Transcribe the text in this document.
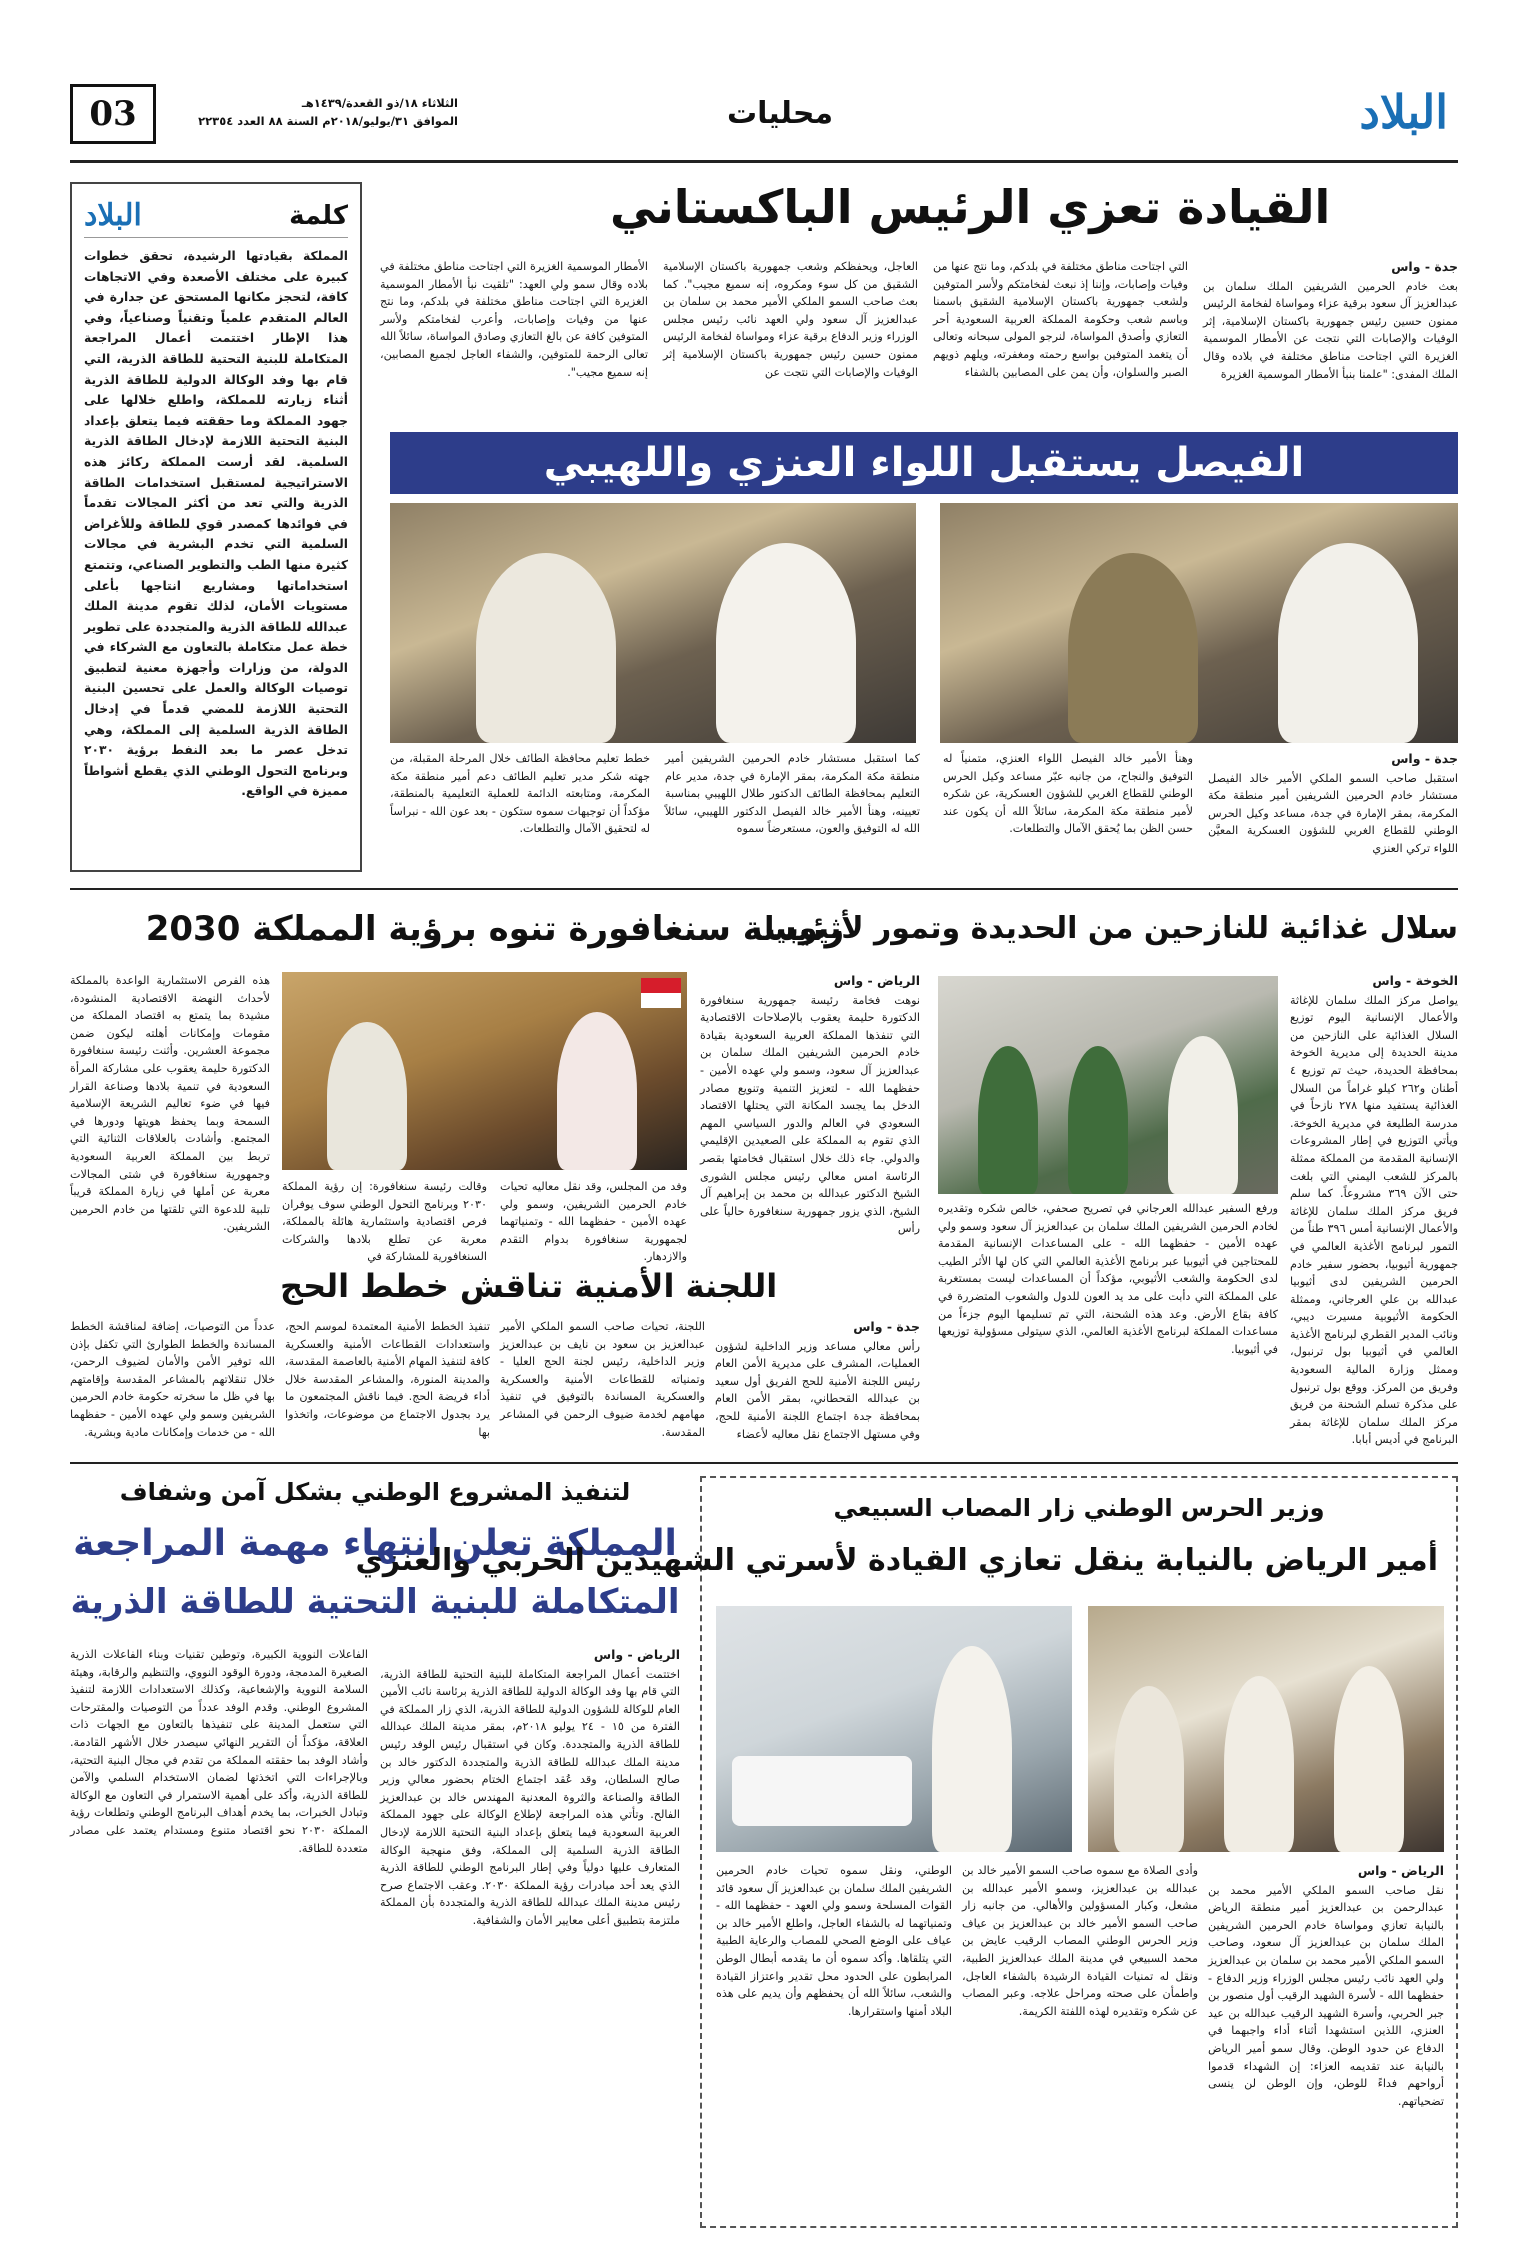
البلاد
محليات
الثلاثاء ١٨/ذو القعدة/١٤٣٩هـ
الموافق ٣١/يوليو/٢٠١٨م السنة ٨٨ العدد ٢٢٣٥٤
03
كلمة
البلاد
المملكة بقيادتها الرشيدة، تحقق خطوات كبيرة على مختلف الأصعدة وفي الاتجاهات كافة، لتحجز مكانها المستحق عن جدارة في العالم المتقدم علمياً وتقنياً وصناعياً، وفي هذا الإطار اختتمت أعمال المراجعة المتكاملة للبنية التحتية للطاقة الذرية، التي قام بها وفد الوكالة الدولية للطاقة الذرية أثناء زيارته للمملكة، واطلع خلالها على جهود المملكة وما حققته فيما يتعلق بإعداد البنية التحتية اللازمة لإدخال الطاقة الذرية السلمية. لقد أرست المملكة ركائز هذه الاستراتيجية لمستقبل استخدامات الطاقة الذرية والتي تعد من أكثر المجالات تقدماً في فوائدها كمصدر قوي للطاقة وللأغراض السلمية التي تخدم البشرية في مجالات كثيرة منها الطب والتطوير الصناعي، وتتمتع استخداماتها ومشاريع انتاجها بأعلى مستويات الأمان، لذلك تقوم مدينة الملك عبدالله للطاقة الذرية والمتجددة على تطوير خطة عمل متكاملة بالتعاون مع الشركاء في الدولة، من وزارات وأجهزة معنية لتطبيق توصيات الوكالة والعمل على تحسين البنية التحتية اللازمة للمضي قدماً في إدخال الطاقة الذرية السلمية إلى المملكة، وهي تدخل عصر ما بعد النفط برؤية ٢٠٣٠ وبرنامج التحول الوطني الذي يقطع أشواطاً مميزة في الواقع.
القيادة تعزي الرئيس الباكستاني
جدة - واس
بعث خادم الحرمين الشريفين الملك سلمان بن عبدالعزيز آل سعود برقية عزاء ومواساة لفخامة الرئيس ممنون حسين رئيس جمهورية باكستان الإسلامية، إثر الوفيات والإصابات التي نتجت عن الأمطار الموسمية الغزيرة التي اجتاحت مناطق مختلفة في بلاده وقال الملك المفدى: "علمنا بنبأ الأمطار الموسمية الغزيرة
التي اجتاحت مناطق مختلفة في بلدكم، وما نتج عنها من وفيات وإصابات، وإننا إذ نبعث لفخامتكم ولأسر المتوفين ولشعب جمهورية باكستان الإسلامية الشقيق باسمنا وباسم شعب وحكومة المملكة العربية السعودية أحر التعازي وأصدق المواساة، لنرجو المولى سبحانه وتعالى أن يتغمد المتوفين بواسع رحمته ومغفرته، ويلهم ذويهم الصبر والسلوان، وأن يمن على المصابين بالشفاء
العاجل، ويحفظكم وشعب جمهورية باكستان الإسلامية الشقيق من كل سوء ومكروه، إنه سميع مجيب". كما بعث صاحب السمو الملكي الأمير محمد بن سلمان بن عبدالعزيز آل سعود ولي العهد نائب رئيس مجلس الوزراء وزير الدفاع برقية عزاء ومواساة لفخامة الرئيس ممنون حسين رئيس جمهورية باكستان الإسلامية إثر الوفيات والإصابات التي نتجت عن
الأمطار الموسمية الغزيرة التي اجتاحت مناطق مختلفة في بلاده وقال سمو ولي العهد: "تلقيت نبأ الأمطار الموسمية الغزيرة التي اجتاحت مناطق مختلفة في بلدكم، وما نتج عنها من وفيات وإصابات، وأعرب لفخامتكم ولأسر المتوفين كافة عن بالغ التعازي وصادق المواساة، سائلاً الله تعالى الرحمة للمتوفين، والشفاء العاجل لجميع المصابين، إنه سميع مجيب".
الفيصل يستقبل اللواء العنزي واللهيبي
جدة - واس
استقبل صاحب السمو الملكي الأمير خالد الفيصل مستشار خادم الحرمين الشريفين أمير منطقة مكة المكرمة، بمقر الإمارة في جدة، مساعد وكيل الحرس الوطني للقطاع الغربي للشؤون العسكرية المعيَّن اللواء تركي العنزي
وهنأ الأمير خالد الفيصل اللواء العنزي، متمنياً له التوفيق والنجاح، من جانبه عبّر مساعد وكيل الحرس الوطني للقطاع الغربي للشؤون العسكرية، عن شكره لأمير منطقة مكة المكرمة، سائلاً الله أن يكون عند حسن الظن بما يُحقق الآمال والتطلعات.
كما استقبل مستشار خادم الحرمين الشريفين أمير منطقة مكة المكرمة، بمقر الإمارة في جدة، مدير عام التعليم بمحافظة الطائف الدكتور طلال اللهيبي بمناسبة تعيينه، وهنأ الأمير خالد الفيصل الدكتور اللهيبي، سائلاً الله له التوفيق والعون، مستعرضاً سموه
خطط تعليم محافظة الطائف خلال المرحلة المقبلة، من جهته شكر مدير تعليم الطائف دعم أمير منطقة مكة المكرمة، ومتابعته الدائمة للعملية التعليمية بالمنطقة، مؤكداً أن توجيهات سموه ستكون - بعد عون الله - نبراساً له لتحقيق الآمال والتطلعات.
سلال غذائية للنازحين من الحديدة وتمور لأثيوبيا
الخوخة - واس
يواصل مركز الملك سلمان للإغاثة والأعمال الإنسانية اليوم توزيع السلال الغذائية على النازحين من مدينة الحديدة إلى مديرية الخوخة بمحافظة الحديدة، حيث تم توزيع ٤ أطنان و٢٦٢ كيلو غراماً من السلال الغذائية يستفيد منها ٢٧٨ نازحاً في مدرسة الطليعة في مديرية الخوخة. ويأتي التوزيع في إطار المشروعات الإنسانية المقدمة من المملكة ممثلة بالمركز للشعب اليمني التي بلغت حتى الآن ٣٦٩ مشروعاً. كما سلم فريق مركز الملك سلمان للإغاثة والأعمال الإنسانية أمس ٣٩٦ طناً من التمور لبرنامج الأغذية العالمي في جمهورية أثيوبيا، بحضور سفير خادم الحرمين الشريفين لدى أثيوبيا عبدالله بن علي العرجاني، وممثلة الحكومة الأثيوبية مسيرت ديبي، ونائب المدير القطري لبرنامج الأغذية العالمي في أثيوبيا بول ترنبول، وممثل وزارة المالية السعودية وفريق من المركز. ووقع بول ترنبول على مذكرة تسلم الشحنة من فريق مركز الملك سلمان للإغاثة بمقر البرنامج في أديس أبابا.
ورفع السفير عبدالله العرجاني في تصريح صحفي، خالص شكره وتقديره لخادم الحرمين الشريفين الملك سلمان بن عبدالعزيز آل سعود وسمو ولي عهده الأمين - حفظهما الله - على المساعدات الإنسانية المقدمة للمحتاجين في أثيوبيا عبر برنامج الأغذية العالمي التي كان لها الأثر الطيب لدى الحكومة والشعب الأثيوبي، مؤكداً أن المساعدات ليست بمستغربة على المملكة التي دأبت على مد يد العون للدول والشعوب المتضررة في كافة بقاع الأرض. وعد هذه الشحنة، التي تم تسليمها اليوم جزءاً من مساعدات المملكة لبرنامج الأغذية العالمي، الذي سيتولى مسؤولية توزيعها في أثيوبيا.
رئيسة سنغافورة تنوه برؤية المملكة 2030
الرياض - واس
نوهت فخامة رئيسة جمهورية سنغافورة الدكتورة حليمة يعقوب بالإصلاحات الاقتصادية التي تنفذها المملكة العربية السعودية بقيادة خادم الحرمين الشريفين الملك سلمان بن عبدالعزيز آل سعود، وسمو ولي عهده الأمين - حفظهما الله - لتعزيز التنمية وتنويع مصادر الدخل بما يجسد المكانة التي يحتلها الاقتصاد السعودي في العالم والدور السياسي المهم الذي تقوم به المملكة على الصعيدين الإقليمي والدولي. جاء ذلك خلال استقبال فخامتها بقصر الرئاسة امس معالي رئيس مجلس الشورى الشيخ الدكتور عبدالله بن محمد بن إبراهيم آل الشيخ، الذي يزور جمهورية سنغافورة حالياً على رأس
وفد من المجلس، وقد نقل معاليه تحيات خادم الحرمين الشريفين، وسمو ولي عهده الأمين - حفظهما الله - وتمنياتهما لجمهورية سنغافورة بدوام التقدم والازدهار.
وقالت رئيسة سنغافورة: إن رؤية المملكة ٢٠٣٠ وبرنامج التحول الوطني سوف يوفران فرص اقتصادية واستثمارية هائلة بالمملكة، معربة عن تطلع بلادها والشركات السنغافورية للمشاركة في
هذه الفرص الاستثمارية الواعدة بالمملكة لأحداث النهضة الاقتصادية المنشودة، مشيدة بما يتمتع به اقتصاد المملكة من مقومات وإمكانات أهلته ليكون ضمن مجموعة العشرين. وأثنت رئيسة سنغافورة الدكتورة حليمة يعقوب على مشاركة المرأة السعودية في تنمية بلادها وصناعة القرار فيها في ضوء تعاليم الشريعة الإسلامية السمحة وبما يحفظ هويتها ودورها في المجتمع. وأشادت بالعلاقات الثنائية التي تربط بين المملكة العربية السعودية وجمهورية سنغافورة في شتى المجالات معربة عن أملها في زيارة المملكة قريباً تلبية للدعوة التي تلقتها من خادم الحرمين الشريفين.
اللجنة الأمنية تناقش خطط الحج
جدة - واس
رأس معالي مساعد وزير الداخلية لشؤون العمليات، المشرف على مديرية الأمن العام رئيس اللجنة الأمنية للحج الفريق أول سعيد بن عبدالله القحطاني، بمقر الأمن العام بمحافظة جدة اجتماع اللجنة الأمنية للحج، وفي مستهل الاجتماع نقل معاليه لأعضاء
اللجنة، تحيات صاحب السمو الملكي الأمير عبدالعزيز بن سعود بن نايف بن عبدالعزيز وزير الداخلية، رئيس لجنة الحج العليا - وتمنياته للقطاعات الأمنية والعسكرية والعسكرية المساندة بالتوفيق في تنفيذ مهامهم لخدمة ضيوف الرحمن في المشاعر المقدسة.
تنفيذ الخطط الأمنية المعتمدة لموسم الحج، واستعدادات القطاعات الأمنية والعسكرية كافة لتنفيذ المهام الأمنية بالعاصمة المقدسة، والمدينة المنورة، والمشاعر المقدسة خلال أداء فريضة الحج. فيما ناقش المجتمعون ما يرد بجدول الاجتماع من موضوعات، واتخذوا بها
عدداً من التوصيات، إضافة لمناقشة الخطط المساندة والخطط الطوارئ التي تكفل بإذن الله توفير الأمن والأمان لضيوف الرحمن، خلال تنقلاتهم بالمشاعر المقدسة وإقامتهم بها في ظل ما سخرته حكومة خادم الحرمين الشريفين وسمو ولي عهده الأمين - حفظهما الله - من خدمات وإمكانات مادية وبشرية.
لتنفيذ المشروع الوطني بشكل آمن وشفاف
المملكة تعلن انتهاء مهمة المراجعة
المتكاملة للبنية التحتية للطاقة الذرية
الرياض - واس
اختتمت أعمال المراجعة المتكاملة للبنية التحتية للطاقة الذرية، التي قام بها وفد الوكالة الدولية للطاقة الذرية برئاسة نائب الأمين العام للوكالة للشؤون الدولية للطاقة الذرية، الذي زار المملكة في الفترة من ١٥ - ٢٤ يوليو ٢٠١٨م، بمقر مدينة الملك عبدالله للطاقة الذرية والمتجددة. وكان في استقبال رئيس الوفد رئيس مدينة الملك عبدالله للطاقة الذرية والمتجددة الدكتور خالد بن صالح السلطان، وقد عُقد اجتماع الختام بحضور معالي وزير الطاقة والصناعة والثروة المعدنية المهندس خالد بن عبدالعزيز الفالح. وتأتي هذه المراجعة لإطلاع الوكالة على جهود المملكة العربية السعودية فيما يتعلق بإعداد البنية التحتية اللازمة لإدخال الطاقة الذرية السلمية إلى المملكة، وفق منهجية الوكالة المتعارف عليها دولياً وفي إطار البرنامج الوطني للطاقة الذرية الذي يعد أحد مبادرات رؤية المملكة ٢٠٣٠. وعقب الاجتماع صرح رئيس مدينة الملك عبدالله للطاقة الذرية والمتجددة بأن المملكة ملتزمة بتطبيق أعلى معايير الأمان والشفافية.
الفاعلات النووية الكبيرة، وتوطين تقنيات وبناء الفاعلات الذرية الصغيرة المدمجة، ودورة الوقود النووي، والتنظيم والرقابة، وهيئة السلامة النووية والإشعاعية، وكذلك الاستعدادات اللازمة لتنفيذ المشروع الوطني. وقدم الوفد عدداً من التوصيات والمقترحات التي ستعمل المدينة على تنفيذها بالتعاون مع الجهات ذات العلاقة، مؤكداً أن التقرير النهائي سيصدر خلال الأشهر القادمة. وأشاد الوفد بما حققته المملكة من تقدم في مجال البنية التحتية، وبالإجراءات التي اتخذتها لضمان الاستخدام السلمي والآمن للطاقة الذرية، وأكد على أهمية الاستمرار في التعاون مع الوكالة وتبادل الخبرات، بما يخدم أهداف البرنامج الوطني وتطلعات رؤية المملكة ٢٠٣٠ نحو اقتصاد متنوع ومستدام يعتمد على مصادر متعددة للطاقة.
وزير الحرس الوطني زار المصاب السبيعي
أمير الرياض بالنيابة ينقل تعازي القيادة لأسرتي الشهيدين الحربي والعنزي
الرياض - واس
نقل صاحب السمو الملكي الأمير محمد بن عبدالرحمن بن عبدالعزيز أمير منطقة الرياض بالنيابة تعازي ومواساة خادم الحرمين الشريفين الملك سلمان بن عبدالعزيز آل سعود، وصاحب السمو الملكي الأمير محمد بن سلمان بن عبدالعزيز ولي العهد نائب رئيس مجلس الوزراء وزير الدفاع - حفظهما الله - لأسرة الشهيد الرقيب أول منصور بن جبر الحربي، وأسرة الشهيد الرقيب عبدالله بن عيد العنزي، اللذين استشهدا أثناء أداء واجبهما في الدفاع عن حدود الوطن. وقال سمو أمير الرياض بالنيابة عند تقديمه العزاء: إن الشهداء قدموا أرواحهم فداءً للوطن، وإن الوطن لن ينسى تضحياتهم.
وأدى الصلاة مع سموه صاحب السمو الأمير خالد بن عبدالله بن عبدالعزيز، وسمو الأمير عبدالله بن مشعل، وكبار المسؤولين والأهالي. من جانبه زار صاحب السمو الأمير خالد بن عبدالعزيز بن عياف وزير الحرس الوطني المصاب الرقيب عايض بن محمد السبيعي في مدينة الملك عبدالعزيز الطبية، ونقل له تمنيات القيادة الرشيدة بالشفاء العاجل، واطمأن على صحته ومراحل علاجه. وعبر المصاب عن شكره وتقديره لهذه اللفتة الكريمة.
الوطني، ونقل سموه تحيات خادم الحرمين الشريفين الملك سلمان بن عبدالعزيز آل سعود قائد القوات المسلحة وسمو ولي العهد - حفظهما الله - وتمنياتهما له بالشفاء العاجل، واطلع الأمير خالد بن عياف على الوضع الصحي للمصاب والرعاية الطبية التي يتلقاها. وأكد سموه أن ما يقدمه أبطال الوطن المرابطون على الحدود محل تقدير واعتزاز القيادة والشعب، سائلاً الله أن يحفظهم وأن يديم على هذه البلاد أمنها واستقرارها.
